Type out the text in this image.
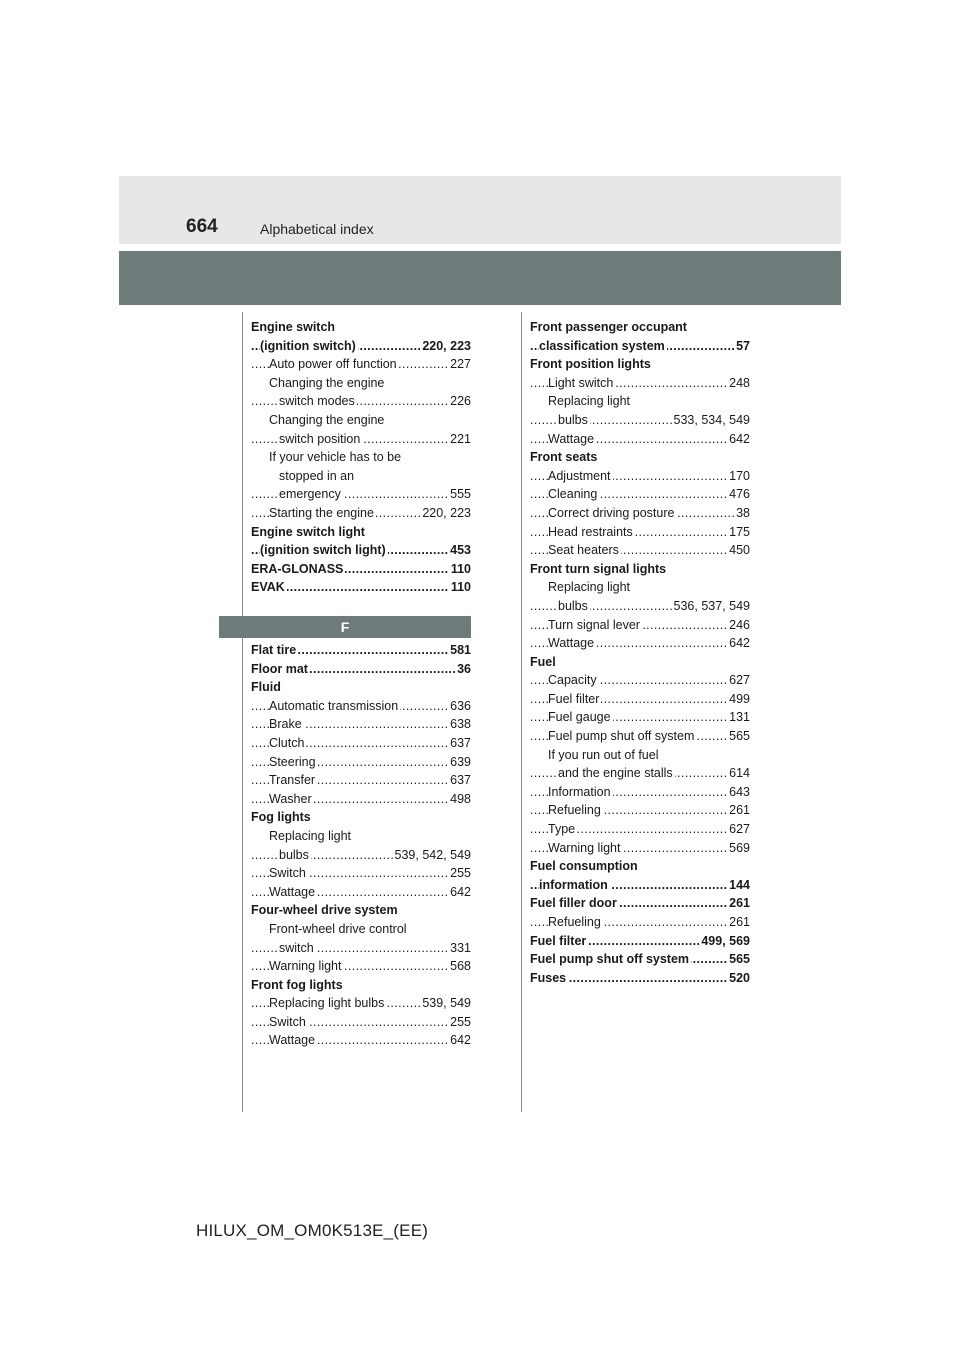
664	Alphabetical index
Engine switch
(ignition switch)	220, 223
.....
Auto power off function	227
.....
Changing the engine
switch modes	226
.....
Changing the engine
switch position	221
.....
If your vehicle has to be
stopped in an
emergency	555
.....
Starting the engine	220, 223
.....
Engine switch light
(ignition switch light)	453
.....
ERA-GLONASS	110
.....
EVAK	110
.....
F
Flat tire	581
.....
Floor mat	36
.....
Fluid
Automatic transmission	636
.....
Brake	638
.....
Clutch	637
.....
Steering	639
.....
Transfer	637
.....
Washer	498
.....
Fog lights
Replacing light
bulbs	539, 542, 549
.....
Switch	255
.....
Wattage	642
.....
Four-wheel drive system
Front-wheel drive control
switch	331
.....
Warning light	568
.....
Front fog lights
Replacing light bulbs	539, 549
.....
Switch	255
.....
Wattage	642
.....
Front passenger occupant
classification system	57
.....
Front position lights
Light switch	248
.....
Replacing light
bulbs	533, 534, 549
.....
Wattage	642
.....
Front seats
Adjustment	170
.....
Cleaning	476
.....
Correct driving posture	38
.....
Head restraints	175
.....
Seat heaters	450
.....
Front turn signal lights
Replacing light
bulbs	536, 537, 549
.....
Turn signal lever	246
.....
Wattage	642
.....
Fuel
Capacity	627
.....
Fuel filter	499
.....
Fuel gauge	131
.....
Fuel pump shut off system	565
.....
If you run out of fuel
and the engine stalls	614
.....
Information	643
.....
Refueling	261
.....
Type	627
.....
Warning light	569
.....
Fuel consumption
information	144
.....
Fuel filler door	261
.....
Refueling	261
.....
Fuel filter	499, 569
.....
Fuel pump shut off system	565
.....
Fuses	520
.....
HILUX_OM_OM0K513E_(EE)
